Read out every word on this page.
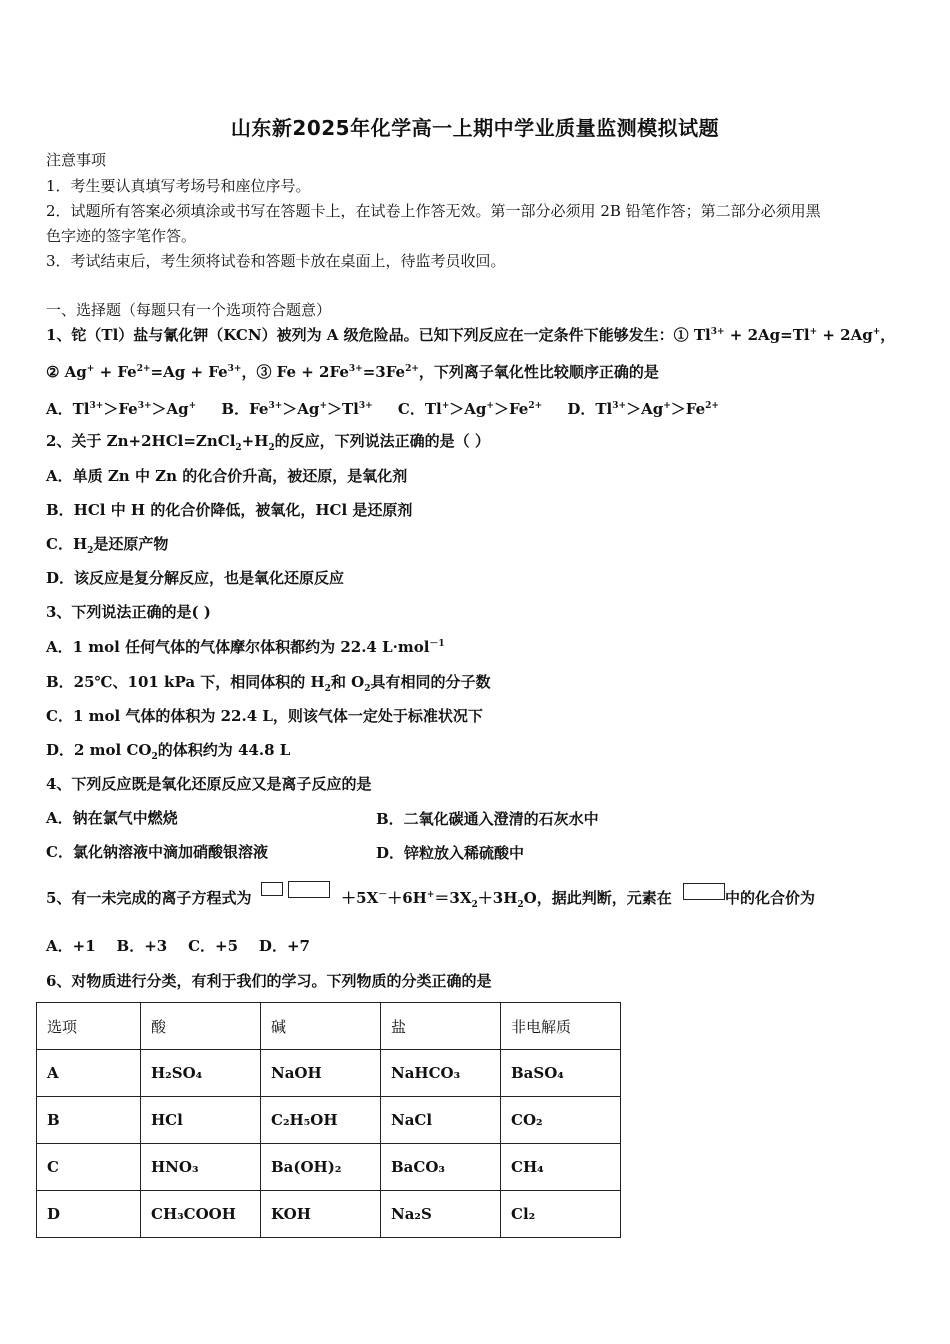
山东新2025年化学高一上期中学业质量监测模拟试题
注意事项
1．考生要认真填写考场号和座位序号。
2．试题所有答案必须填涂或书写在答题卡上，在试卷上作答无效。第一部分必须用 2B 铅笔作答；第二部分必须用黑
色字迹的签字笔作答。
3．考试结束后，考生须将试卷和答题卡放在桌面上，待监考员收回。
一、选择题（每题只有一个选项符合题意）
1、铊（Tl）盐与氰化钾（KCN）被列为 A 级危险品。已知下列反应在一定条件下能够发生：① $Tl^{3+} + 2Ag=Tl^+ + 2Ag^+$，
② $Ag^+ + Fe^{2+}=Ag + Fe^{3+}$，③ $Fe + 2Fe^{3+}=3Fe^{2+}$，下列离子氧化性比较顺序正确的是
A．$Tl^{3+}>Fe^{3+}>Ag^+$ B．$Fe^{3+}>Ag^+>Tl^{3+}$ C．$Tl^+>Ag^+>Fe^{2+}$ D．$Tl^{3+}>Ag^+>Fe^{2+}$
2、关于 $Zn+2HCl=ZnCl_2+H_2$的反应，下列说法正确的是（ ）
A．单质 Zn 中 Zn 的化合价升高，被还原，是氧化剂
B．HCl 中 H 的化合价降低，被氧化，HCl 是还原剂
C．$H_2$是还原产物
D．该反应是复分解反应，也是氧化还原反应
3、下列说法正确的是( )
A．1 mol 任何气体的气体摩尔体积都约为 22.4 L·mol$^{-1}$
B．25℃、101 kPa 下，相同体积的 $H_2$和 $O_2$具有相同的分子数
C．1 mol 气体的体积为 22.4 L，则该气体一定处于标准状况下
D．2 mol $CO_2$的体积约为 44.8 L
4、下列反应既是氧化还原反应又是离子反应的是
A．钠在氯气中燃烧	B．二氧化碳通入澄清的石灰水中
C．氯化钠溶液中滴加硝酸银溶液	D．锌粒放入稀硫酸中
5、有一未完成的离子方程式为	$+5X^-+6H^+=3X_2+3H_2O$，据此判断，元素在	中的化合价为
A．+1    B．+3    C．+5    D．+7
6、对物质进行分类，有利于我们的学习。下列物质的分类正确的是
选项	酸	碱	盐	非电解质
A	H₂SO₄	NaOH	NaHCO₃	BaSO₄
B	HCl	C₂H₅OH	NaCl	CO₂
C	HNO₃	Ba(OH)₂	BaCO₃	CH₄
D	CH₃COOH	KOH	Na₂S	Cl₂
